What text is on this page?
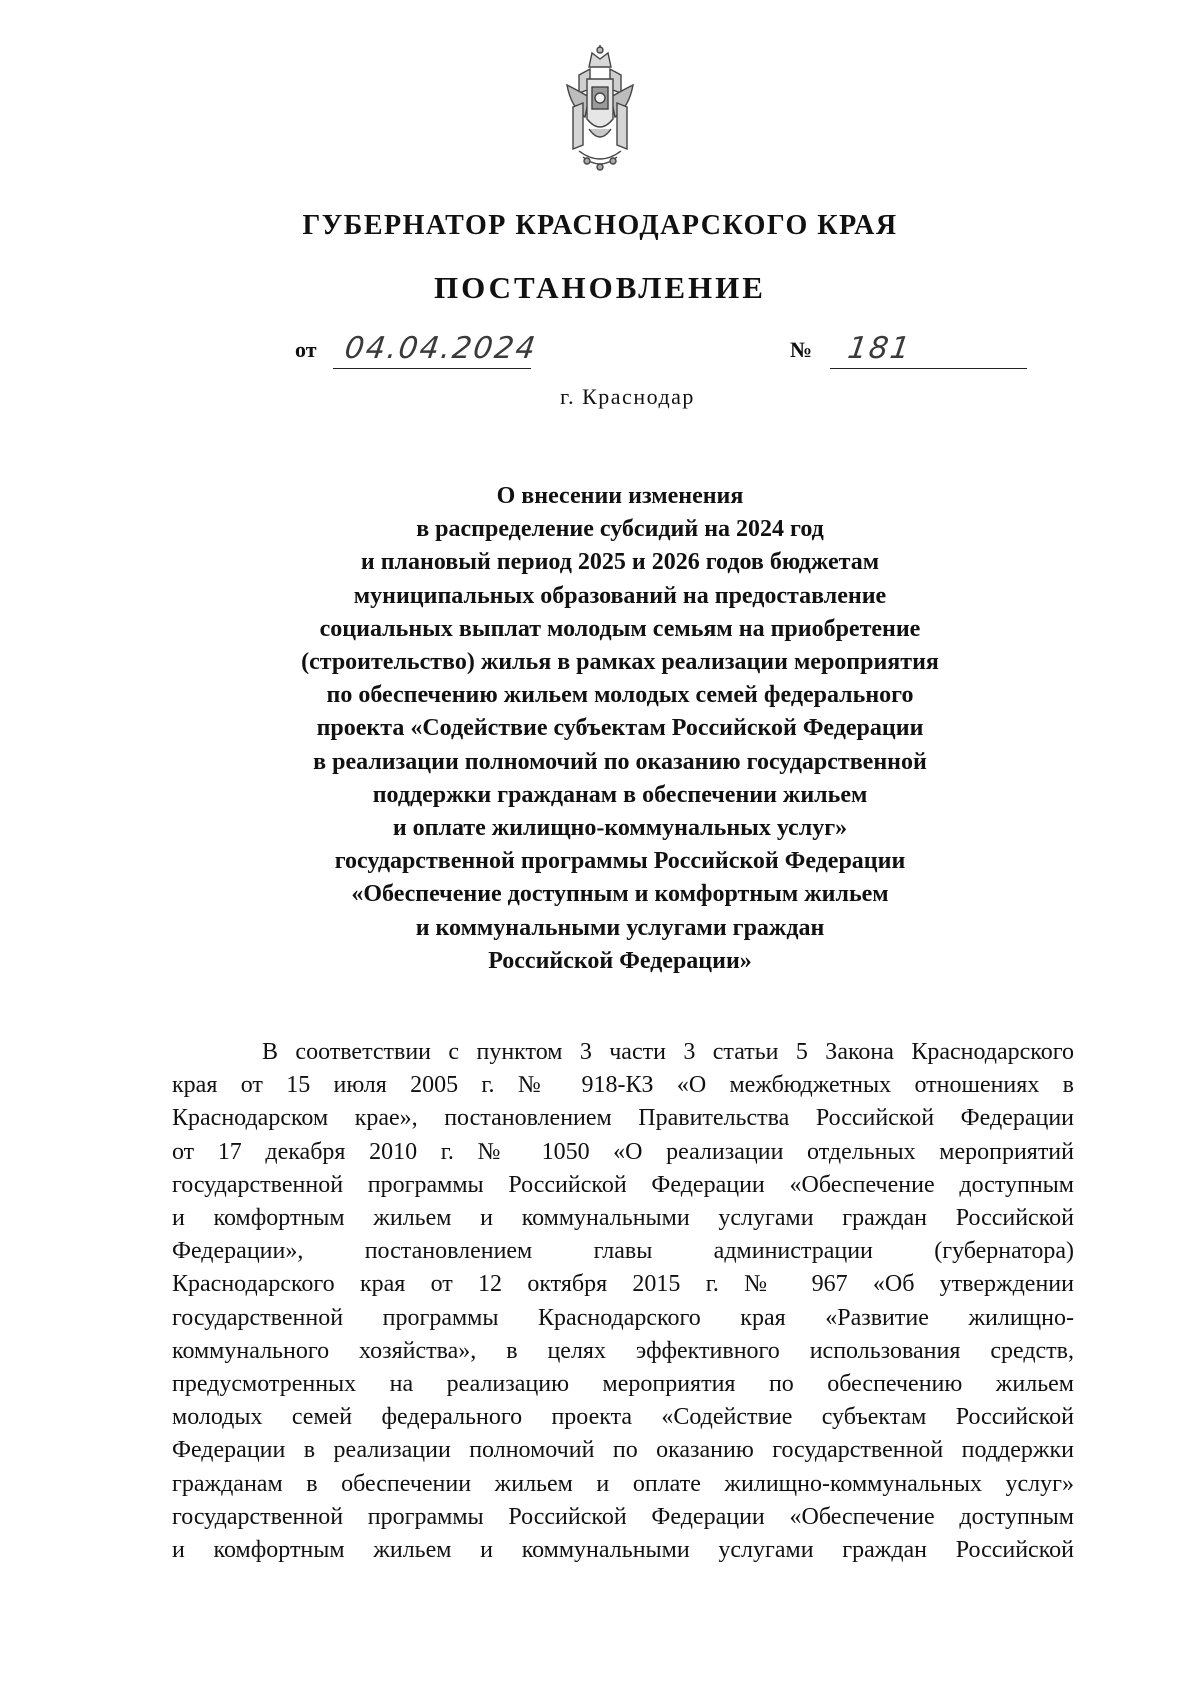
ГУБЕРНАТОР КРАСНОДАРСКОГО КРАЯ
ПОСТАНОВЛЕНИЕ
от 04.04.2024	№ 181
г. Краснодар
О внесении изменения
в распределение субсидий на 2024 год
и плановый период 2025 и 2026 годов бюджетам
муниципальных образований на предоставление
социальных выплат молодым семьям на приобретение
(строительство) жилья в рамках реализации мероприятия
по обеспечению жильем молодых семей федерального
проекта «Содействие субъектам Российской Федерации
в реализации полномочий по оказанию государственной
поддержки гражданам в обеспечении жильем
и оплате жилищно-коммунальных услуг»
государственной программы Российской Федерации
«Обеспечение доступным и комфортным жильем
и коммунальными услугами граждан
Российской Федерации»
В соответствии с пунктом 3 части 3 статьи 5 Закона Краснодарского
края от 15 июля 2005 г. № 918-КЗ «О межбюджетных отношениях в
Краснодарском крае», постановлением Правительства Российской Федерации
от 17 декабря 2010 г. № 1050 «О реализации отдельных мероприятий
государственной программы Российской Федерации «Обеспечение доступным
и комфортным жильем и коммунальными услугами граждан Российской
Федерации», постановлением главы администрации (губернатора)
Краснодарского края от 12 октября 2015 г. № 967 «Об утверждении
государственной программы Краснодарского края «Развитие жилищно-
коммунального хозяйства», в целях эффективного использования средств,
предусмотренных на реализацию мероприятия по обеспечению жильем
молодых семей федерального проекта «Содействие субъектам Российской
Федерации в реализации полномочий по оказанию государственной поддержки
гражданам в обеспечении жильем и оплате жилищно-коммунальных услуг»
государственной программы Российской Федерации «Обеспечение доступным
и комфортным жильем и коммунальными услугами граждан Российской
